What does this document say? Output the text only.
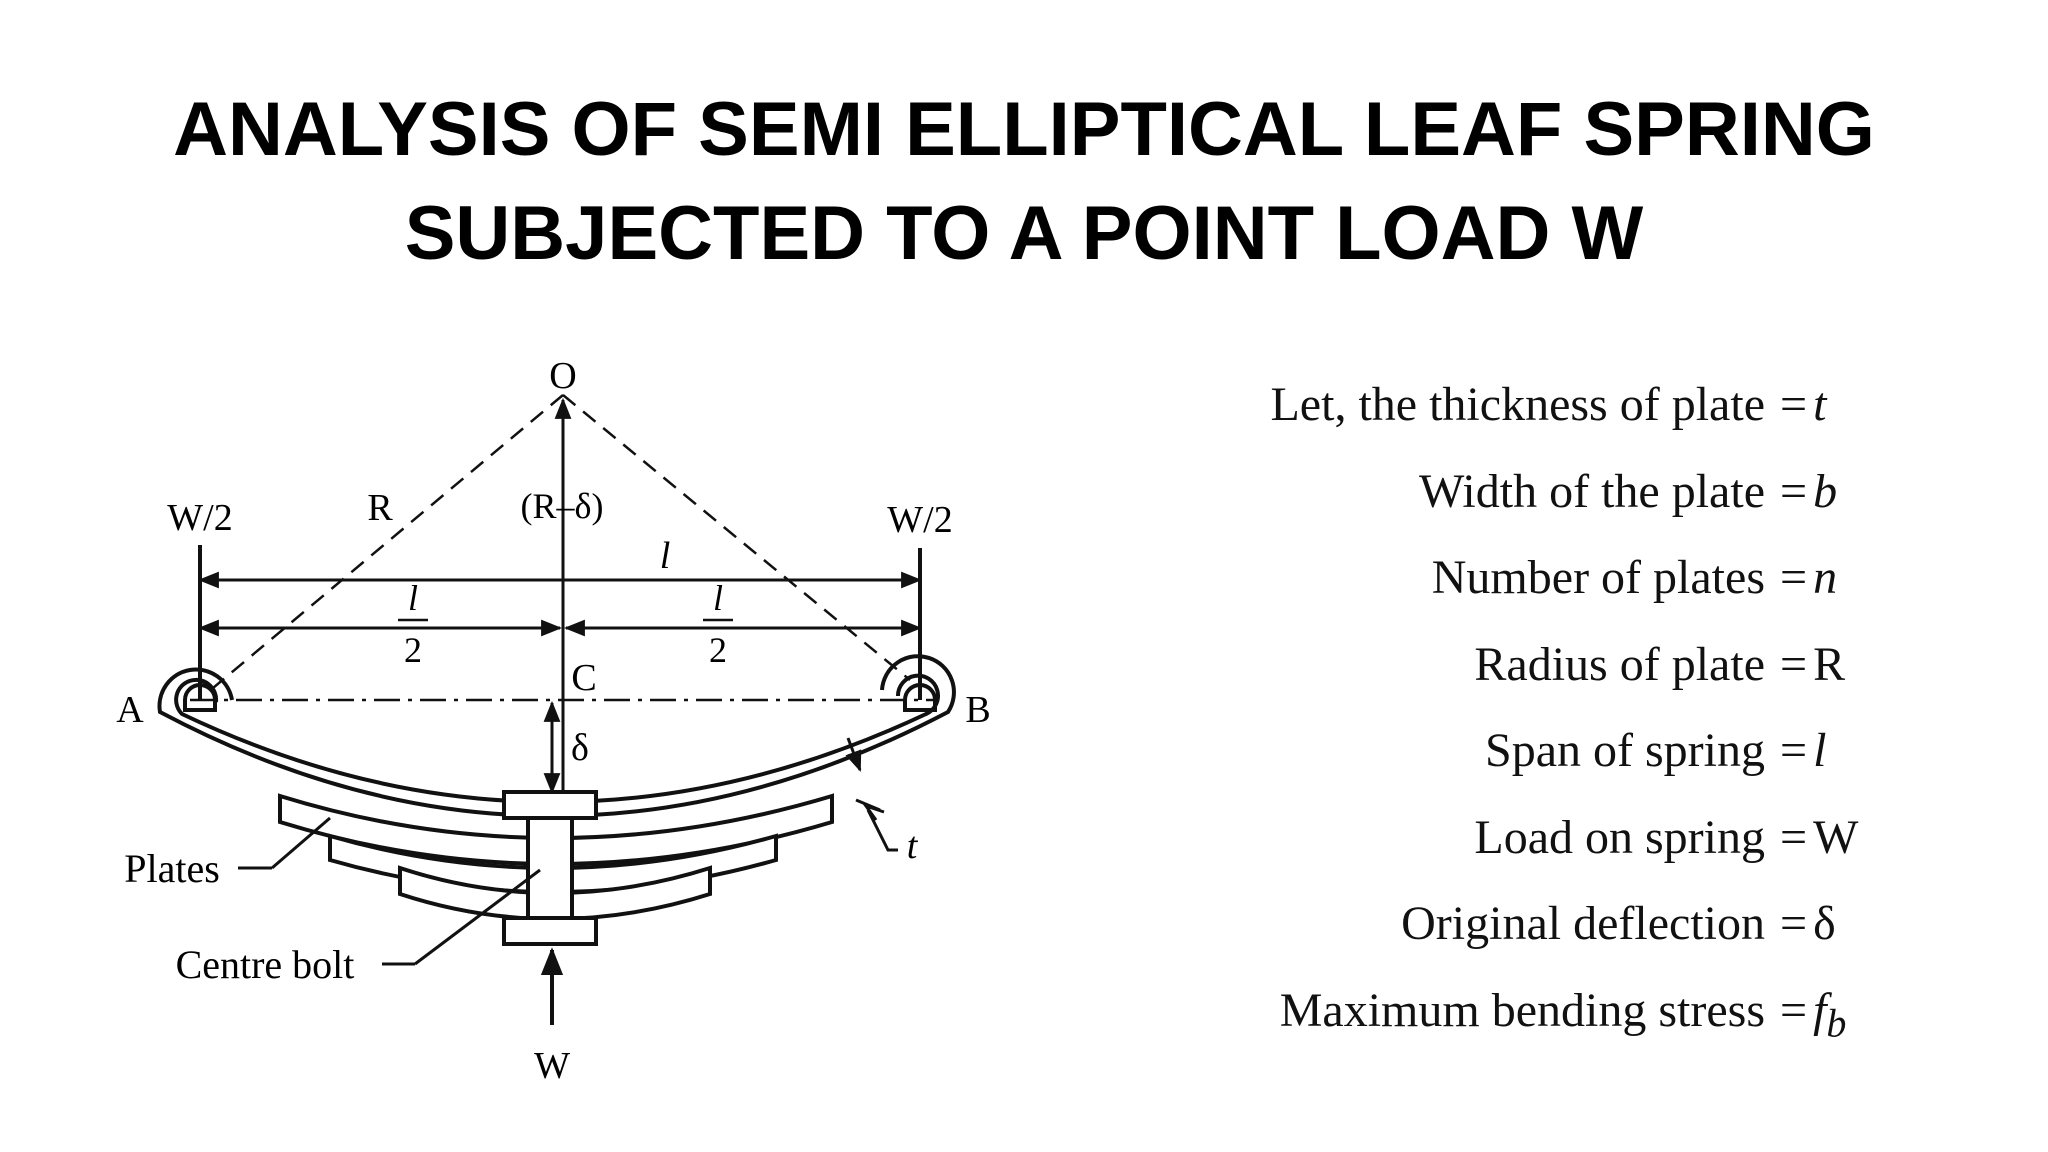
ANALYSIS OF SEMI ELLIPTICAL LEAF SPRING
SUBJECTED TO A POINT LOAD W
O
R	(R–δ)
W/2	W/2
l
l
2
l
2
C
A	B
δ
t
Plates
Centre bolt
W
Let, the thickness of plate = t
Width of the plate = b
Number of plates = n
Radius of plate = R
Span of spring = l
Load on spring = W
Original deflection = δ
Maximum bending stress = $f_b$
